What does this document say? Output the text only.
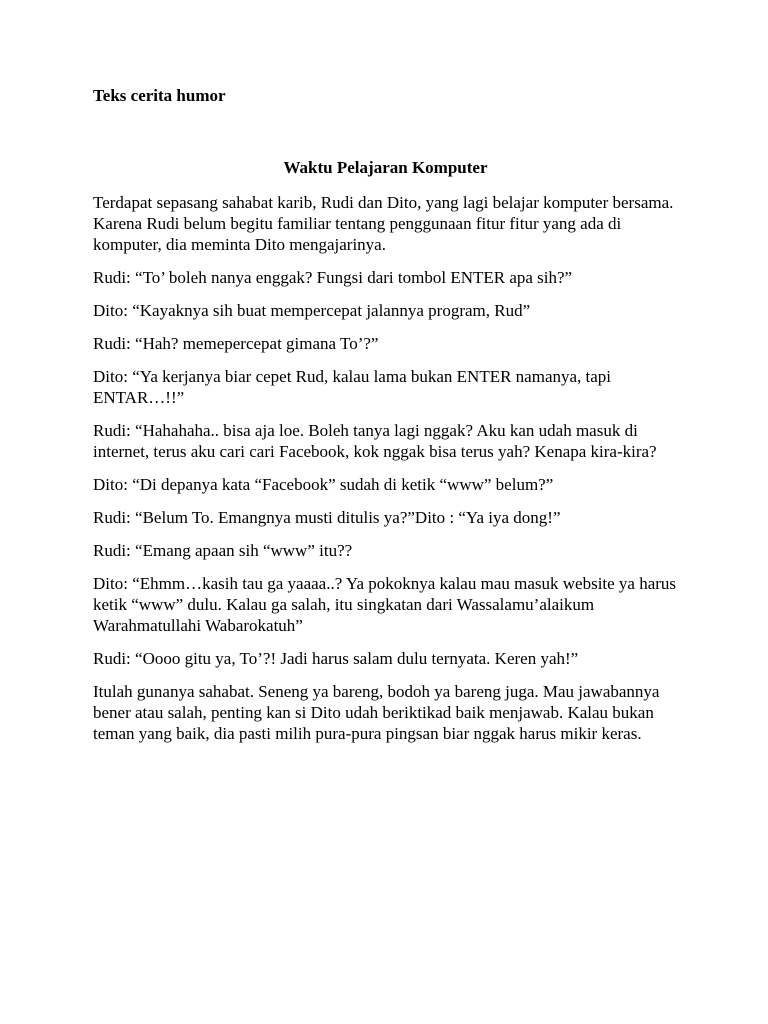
Teks cerita humor

Waktu Pelajaran Komputer

Terdapat sepasang sahabat karib, Rudi dan Dito, yang lagi belajar komputer bersama. Karena Rudi belum begitu familiar tentang penggunaan fitur fitur yang ada di komputer, dia meminta Dito mengajarinya.

Rudi: “To’ boleh nanya enggak? Fungsi dari tombol ENTER apa sih?”

Dito: “Kayaknya sih buat mempercepat jalannya program, Rud”

Rudi: “Hah? memepercepat gimana To’?”

Dito: “Ya kerjanya biar cepet Rud, kalau lama bukan ENTER namanya, tapi ENTAR…!!”

Rudi: “Hahahaha.. bisa aja loe. Boleh tanya lagi nggak? Aku kan udah masuk di internet, terus aku cari cari Facebook, kok nggak bisa terus yah? Kenapa kira-kira?

Dito: “Di depanya kata “Facebook” sudah di ketik “www” belum?”

Rudi: “Belum To. Emangnya musti ditulis ya?”Dito : “Ya iya dong!”

Rudi: “Emang apaan sih “www” itu??

Dito: “Ehmm…kasih tau ga yaaaa..? Ya pokoknya kalau mau masuk website ya harus ketik “www” dulu. Kalau ga salah, itu singkatan dari Wassalamu’alaikum Warahmatullahi Wabarokatuh”

Rudi: “Oooo gitu ya, To’?! Jadi harus salam dulu ternyata. Keren yah!”

Itulah gunanya sahabat. Seneng ya bareng, bodoh ya bareng juga. Mau jawabannya bener atau salah, penting kan si Dito udah beriktikad baik menjawab. Kalau bukan teman yang baik, dia pasti milih pura-pura pingsan biar nggak harus mikir keras.
